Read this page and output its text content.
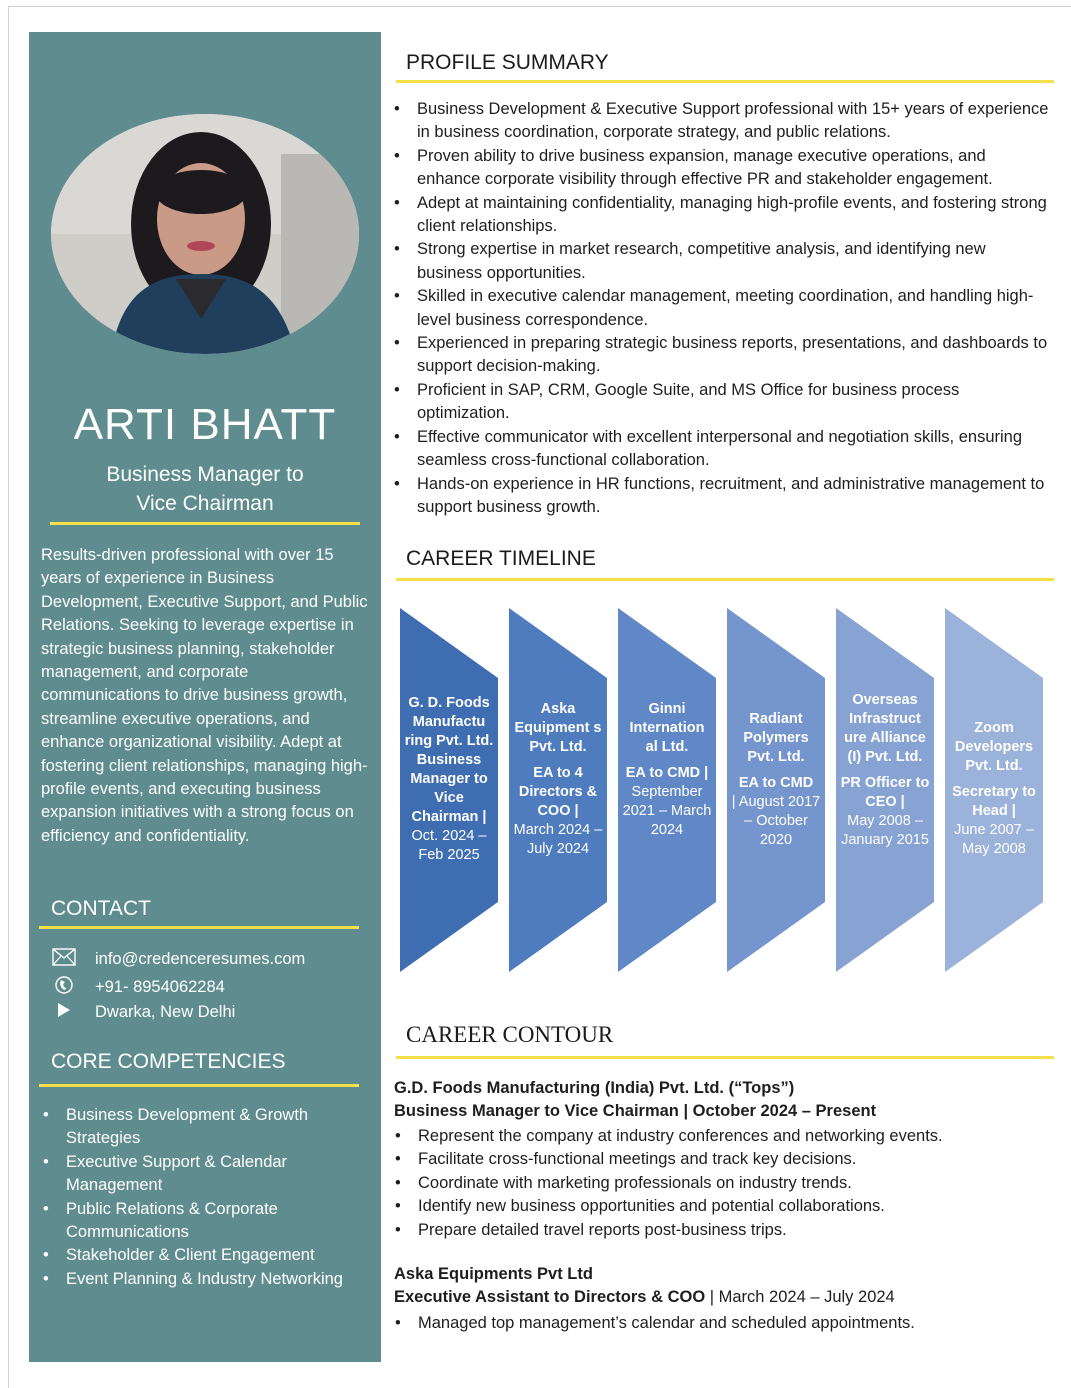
ARTI BHATT
Business Manager to
Vice Chairman
Results-driven professional with over 15 years of experience in Business Development, Executive Support, and Public Relations. Seeking to leverage expertise in strategic business planning, stakeholder management, and corporate communications to drive business growth, streamline executive operations, and enhance organizational visibility. Adept at fostering client relationships, managing high-profile events, and executing business expansion initiatives with a strong focus on efficiency and confidentiality.
CONTACT
info@credenceresumes.com
+91- 8954062284
Dwarka, New Delhi
CORE COMPETENCIES
• Business Development & Growth Strategies
• Executive Support & Calendar Management
• Public Relations & Corporate Communications
• Stakeholder & Client Engagement
• Event Planning & Industry Networking
PROFILE SUMMARY
• Business Development & Executive Support professional with 15+ years of experience in business coordination, corporate strategy, and public relations.
• Proven ability to drive business expansion, manage executive operations, and enhance corporate visibility through effective PR and stakeholder engagement.
• Adept at maintaining confidentiality, managing high-profile events, and fostering strong client relationships.
• Strong expertise in market research, competitive analysis, and identifying new business opportunities.
• Skilled in executive calendar management, meeting coordination, and handling high-level business correspondence.
• Experienced in preparing strategic business reports, presentations, and dashboards to support decision-making.
• Proficient in SAP, CRM, Google Suite, and MS Office for business process optimization.
• Effective communicator with excellent interpersonal and negotiation skills, ensuring seamless cross-functional collaboration.
• Hands-on experience in HR functions, recruitment, and administrative management to support business growth.
CAREER TIMELINE
G. D. Foods Manufactu ring Pvt. Ltd.
Business Manager to Vice Chairman |
Oct. 2024 – Feb 2025
Aska Equipment s Pvt. Ltd.
EA to 4 Directors & COO |
March 2024 – July 2024
Ginni Internation al Ltd.
EA to CMD |
September 2021 – March 2024
Radiant Polymers Pvt. Ltd.
EA to CMD
| August 2017 – October 2020
Overseas Infrastruct ure Alliance (I) Pvt. Ltd.
PR Officer to CEO |
May 2008 – January 2015
Zoom Developers Pvt. Ltd.
Secretary to Head |
June 2007 – May 2008
CAREER CONTOUR
G.D. Foods Manufacturing (India) Pvt. Ltd. (“Tops”)
Business Manager to Vice Chairman | October 2024 – Present
• Represent the company at industry conferences and networking events.
• Facilitate cross-functional meetings and track key decisions.
• Coordinate with marketing professionals on industry trends.
• Identify new business opportunities and potential collaborations.
• Prepare detailed travel reports post-business trips.
Aska Equipments Pvt Ltd
Executive Assistant to Directors & COO | March 2024 – July 2024
• Managed top management’s calendar and scheduled appointments.
